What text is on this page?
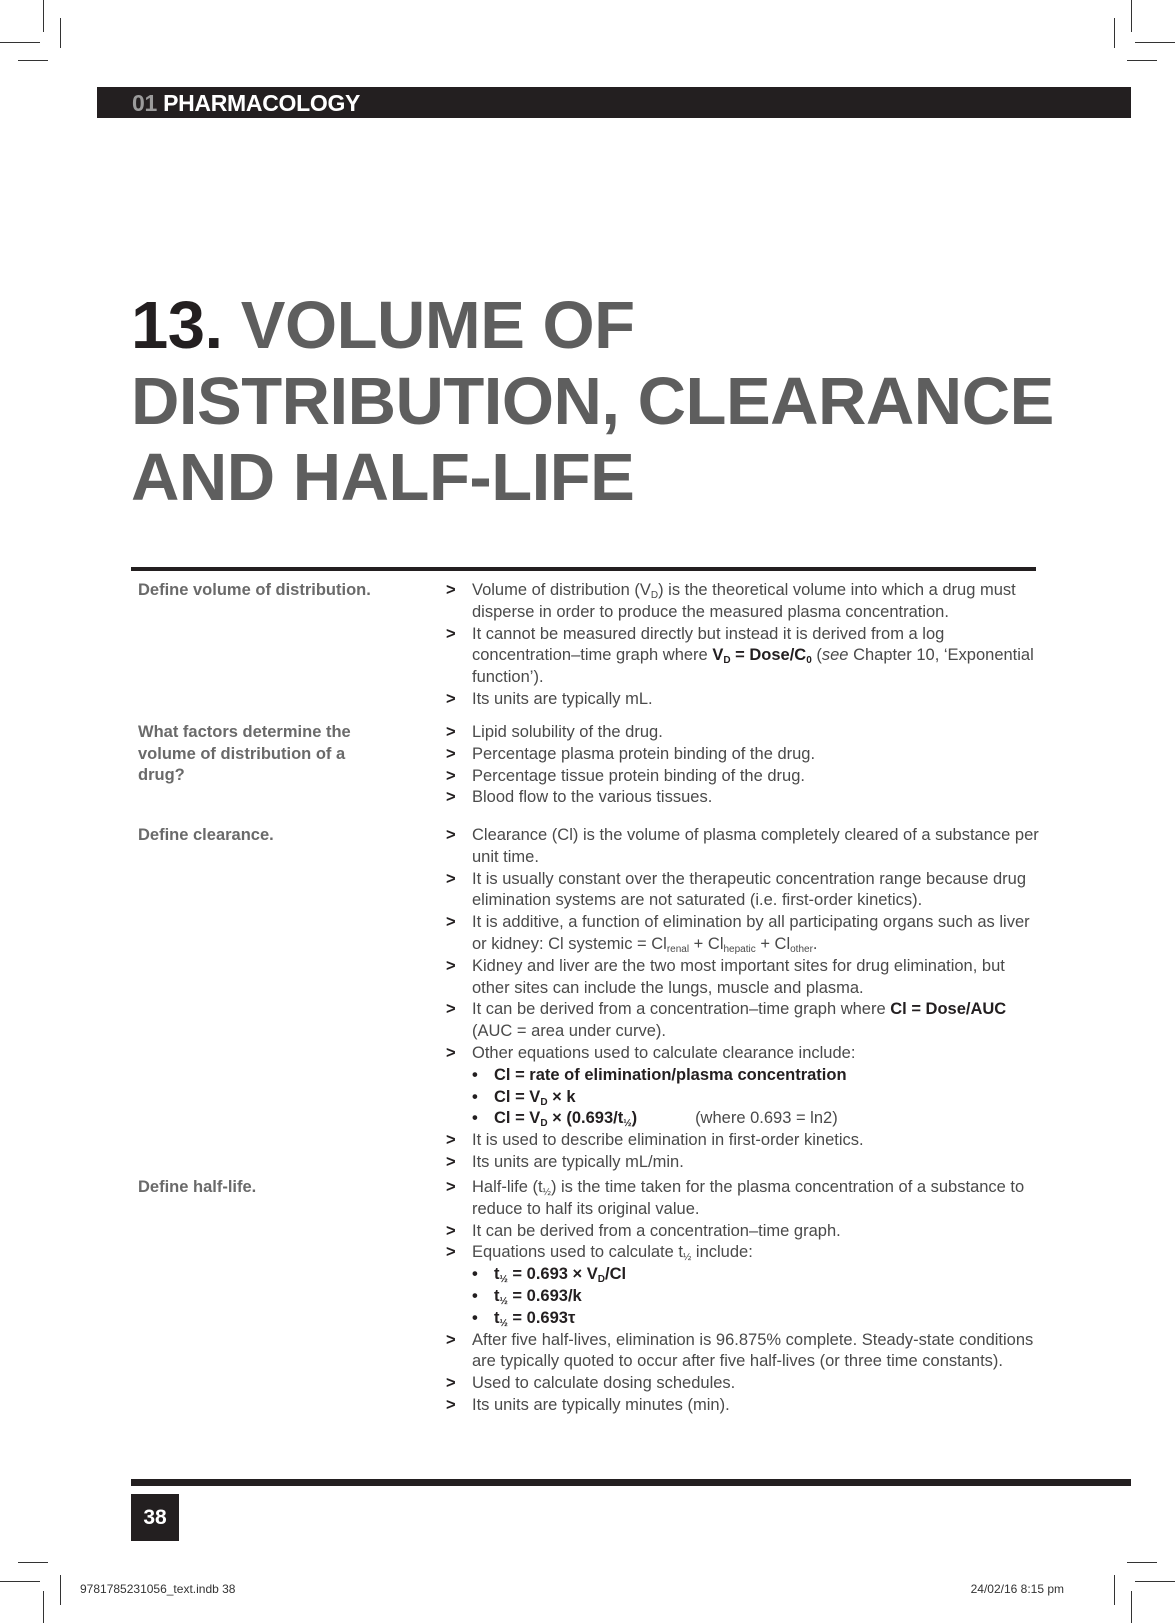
01 PHARMACOLOGY
13. VOLUME OF DISTRIBUTION, CLEARANCE AND HALF-LIFE
Define volume of distribution.	> Volume of distribution $(V_D)$ is the theoretical volume into which a drug must disperse in order to produce the measured plasma concentration.
> It cannot be measured directly but instead it is derived from a log concentration–time graph where $V_D$ = Dose/$C_0$ (see Chapter 10, ‘Exponential function’).
> Its units are typically mL.
What factors determine the volume of distribution of a drug?
> Lipid solubility of the drug.
> Percentage plasma protein binding of the drug.
> Percentage tissue protein binding of the drug.
> Blood flow to the various tissues.
Define clearance.	> Clearance (Cl) is the volume of plasma completely cleared of a substance per unit time.
> It is usually constant over the therapeutic concentration range because drug elimination systems are not saturated (i.e. first-order kinetics).
> It is additive, a function of elimination by all participating organs such as liver or kidney: Cl systemic = $Cl_{renal} + Cl_{hepatic} + Cl_{other}$.
> Kidney and liver are the two most important sites for drug elimination, but other sites can include the lungs, muscle and plasma.
> It can be derived from a concentration–time graph where Cl = Dose/AUC (AUC = area under curve).
> Other equations used to calculate clearance include:
• Cl = rate of elimination/plasma concentration
• $Cl = V_D \times k$
• $Cl = V_D \times (0.693/t_{\frac{1}{2}})$	(where 0.693 = ln2)
> It is used to describe elimination in first-order kinetics.
> Its units are typically mL/min.
Define half-life.	> Half-life $(t_{\frac{1}{2}})$ is the time taken for the plasma concentration of a substance to reduce to half its original value.
> It can be derived from a concentration–time graph.
> Equations used to calculate $t_{\frac{1}{2}}$ include:
• $t_{\frac{1}{2}} = 0.693 \times V_D/Cl$
• $t_{\frac{1}{2}} = 0.693/k$
• $t_{\frac{1}{2}} = 0.693\tau$
> After five half-lives, elimination is 96.875% complete. Steady-state conditions are typically quoted to occur after five half-lives (or three time constants).
> Used to calculate dosing schedules.
> Its units are typically minutes (min).
38
9781785231056_text.indb 38	24/02/16 8:15 pm
